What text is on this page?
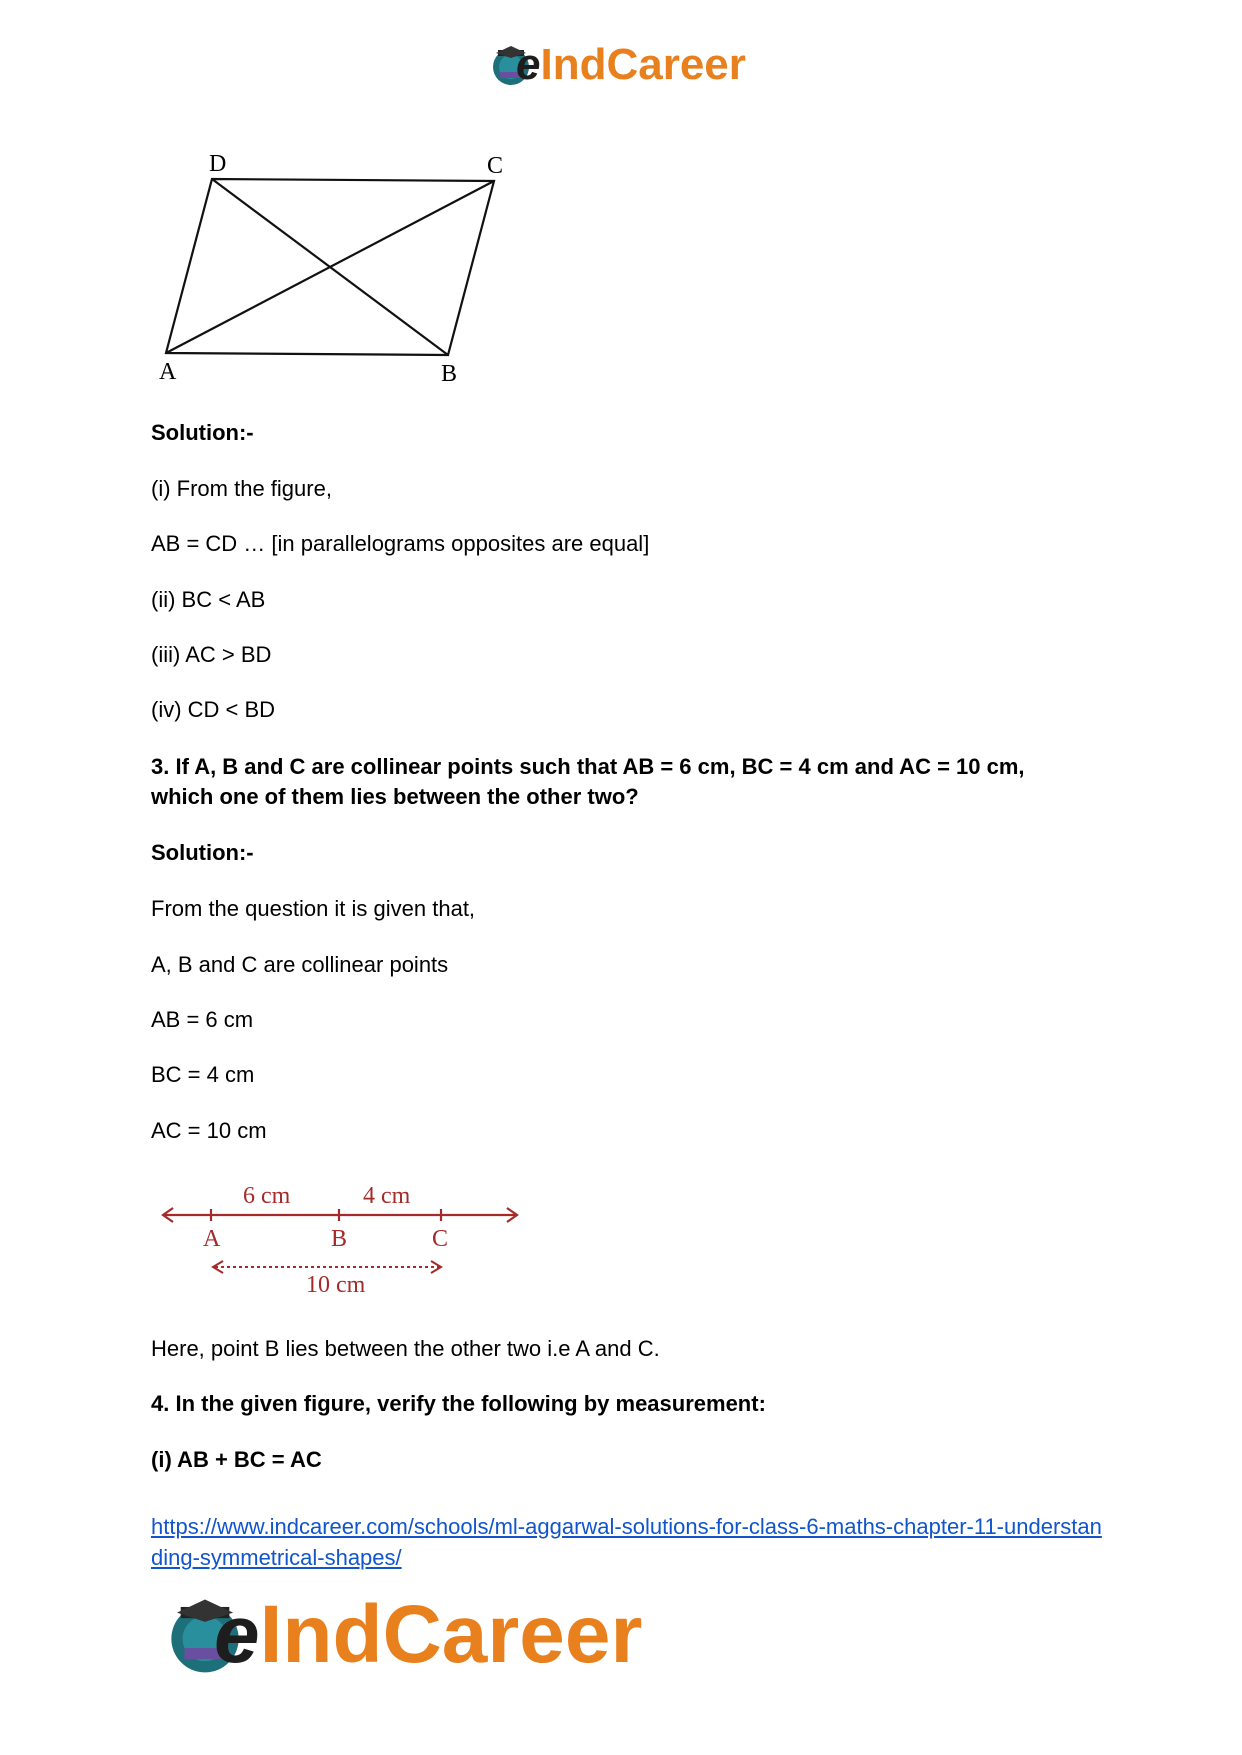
e IndCareer
D	C
A	B
Solution:-
(i) From the figure,
AB = CD … [in parallelograms opposites are equal]
(ii) BC < AB
(iii) AC > BD
(iv) CD < BD
3. If A, B and C are collinear points such that AB = 6 cm, BC = 4 cm and AC = 10 cm,
which one of them lies between the other two?
Solution:-
From the question it is given that,
A, B and C are collinear points
AB = 6 cm
BC = 4 cm
AC = 10 cm
6 cm	4 cm
A	B	C
10 cm
Here, point B lies between the other two i.e A and C.
4. In the given figure, verify the following by measurement:
(i) AB + BC = AC
https://www.indcareer.com/schools/ml-aggarwal-solutions-for-class-6-maths-chapter-11-understanding-symmetrical-shapes/
e IndCareer
